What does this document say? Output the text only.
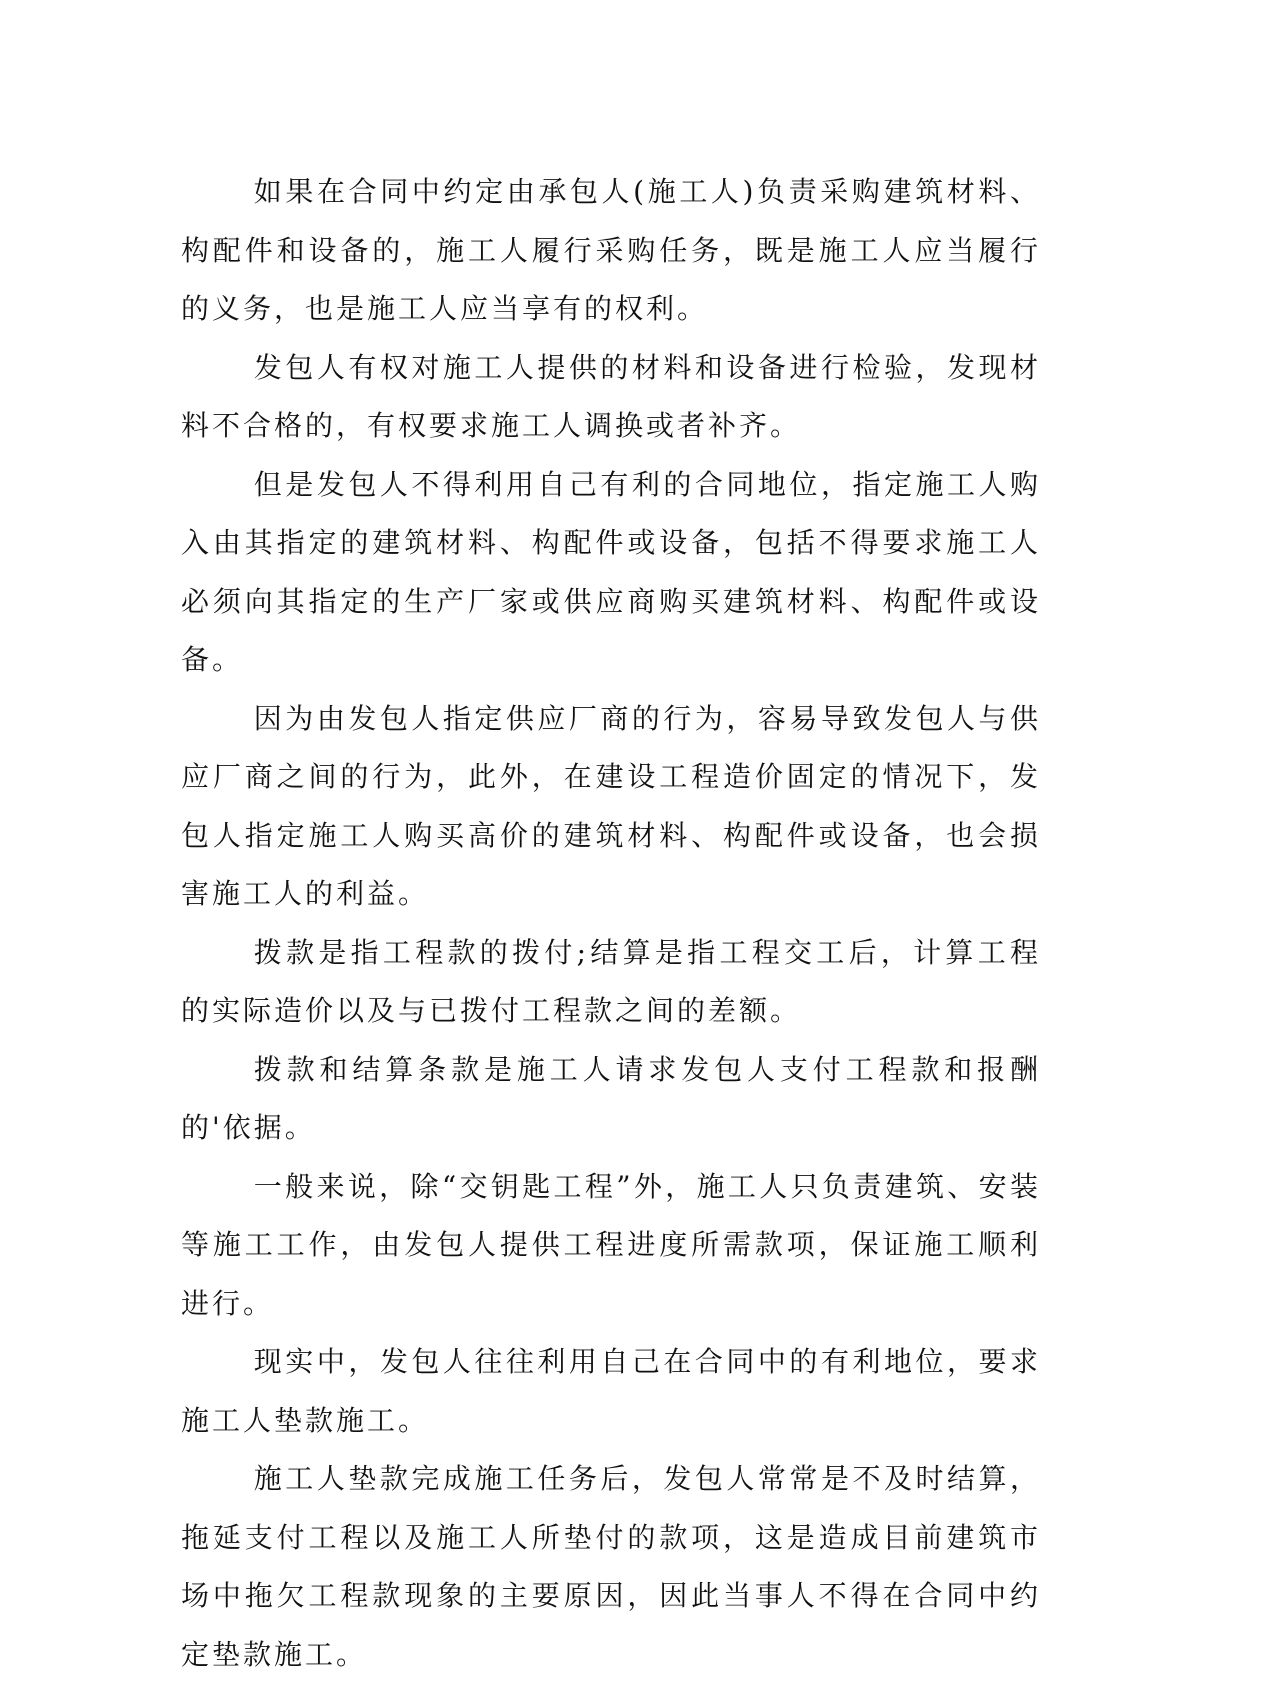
如果在合同中约定由承包人(施工人)负责采购建筑材料、构配件和设备的，施工人履行采购任务，既是施工人应当履行的义务，也是施工人应当享有的权利。

发包人有权对施工人提供的材料和设备进行检验，发现材料不合格的，有权要求施工人调换或者补齐。

但是发包人不得利用自己有利的合同地位，指定施工人购入由其指定的建筑材料、构配件或设备，包括不得要求施工人必须向其指定的生产厂家或供应商购买建筑材料、构配件或设备。

因为由发包人指定供应厂商的行为，容易导致发包人与供应厂商之间的行为，此外，在建设工程造价固定的情况下，发包人指定施工人购买高价的建筑材料、构配件或设备，也会损害施工人的利益。

拨款是指工程款的拨付;结算是指工程交工后，计算工程的实际造价以及与已拨付工程款之间的差额。

拨款和结算条款是施工人请求发包人支付工程款和报酬的'依据。

一般来说，除“交钥匙工程”外，施工人只负责建筑、安装等施工工作，由发包人提供工程进度所需款项，保证施工顺利进行。

现实中，发包人往往利用自己在合同中的有利地位，要求施工人垫款施工。

施工人垫款完成施工任务后，发包人常常是不及时结算，拖延支付工程以及施工人所垫付的款项，这是造成目前建筑市场中拖欠工程款现象的主要原因，因此当事人不得在合同中约定垫款施工。
